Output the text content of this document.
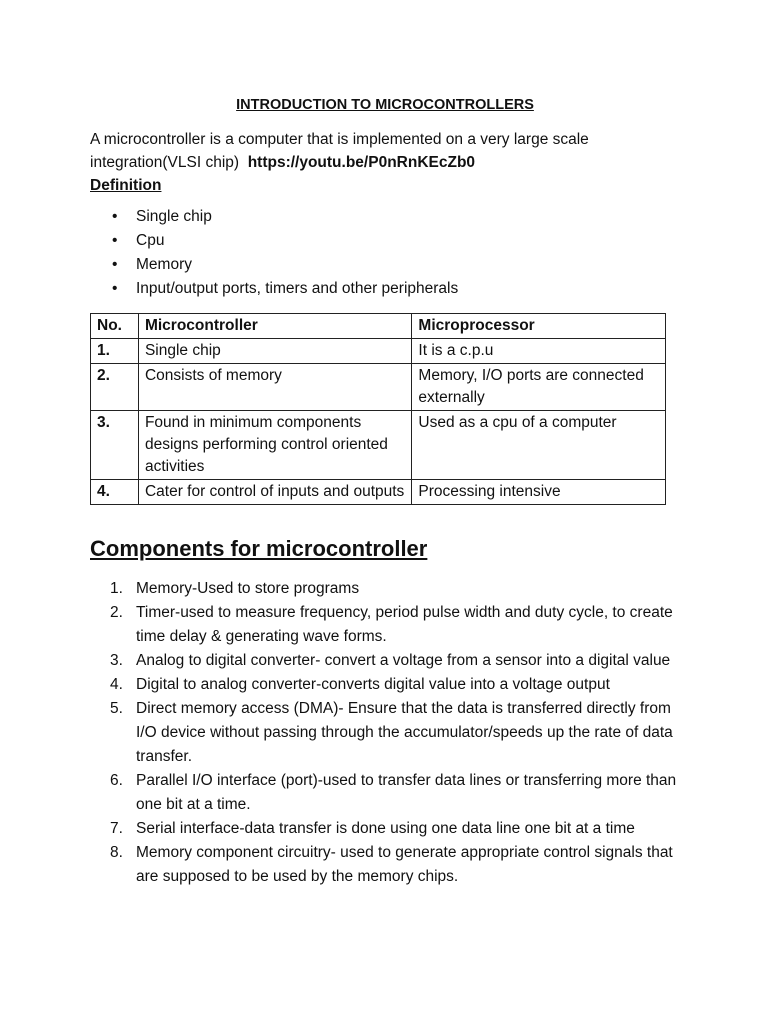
INTRODUCTION TO MICROCONTROLLERS

A microcontroller is a computer that is implemented on a very large scale integration(VLSI chip) https://youtu.be/P0nRnKEcZb0

Definition
• Single chip
• Cpu
• Memory
• Input/output ports, timers and other peripherals
No.	Microcontroller	Microprocessor
1.	Single chip	It is a c.p.u
2.	Consists of memory	Memory, I/O ports are connected externally
3.	Found in minimum components designs performing control oriented activities	Used as a cpu of a computer
4.	Cater for control of inputs and outputs	Processing intensive
Components for microcontroller
1. Memory-Used to store programs
2. Timer-used to measure frequency, period pulse width and duty cycle, to create time delay & generating wave forms.
3. Analog to digital converter- convert a voltage from a sensor into a digital value
4. Digital to analog converter-converts digital value into a voltage output
5. Direct memory access (DMA)- Ensure that the data is transferred directly from I/O device without passing through the accumulator/speeds up the rate of data transfer.
6. Parallel I/O interface (port)-used to transfer data lines or transferring more than one bit at a time.
7. Serial interface-data transfer is done using one data line one bit at a time
8. Memory component circuitry- used to generate appropriate control signals that are supposed to be used by the memory chips.
